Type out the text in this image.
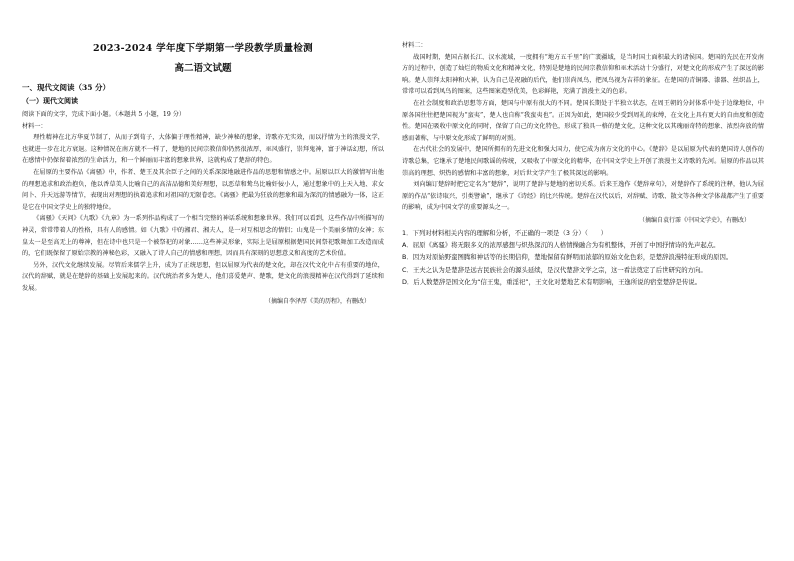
2023-2024 学年度下学期第一学段教学质量检测
高二语文试题
一、现代文阅读（35 分）
（一）现代文阅读
阅读下面的文字，完成下面小题。（本题共 5 小题，19 分）
材料一：

理性精神在北方华夏节制了，从而子到荀子，大体偏于理性精神，缺少神秘的想象，诗歌亦无实效，而以抒情为主的浪漫文学，也就进一步在北方衰退。这种情况在南方就不一样了，楚地的民间宗教信仰仍然很浓厚，巫风盛行，崇拜鬼神，富于神话幻想，所以在感情中仍保留着浓烈的生命活力，和一个鲜丽而丰富的想象世界，这就构成了楚辞的特色。

在屈原的主要作品《离骚》中，作者、楚王及其余臣子之间的关系深深地融进作品的思想和情感之中。屈原以巨大的激情写出他的理想追求和政治抱负，他以香草美人比喻自己的高洁品德和美好理想，以恶草和鸷鸟比喻奸佞小人，通过想象中的上天入地、求女问卜、升天远游等情节，表现出对理想的执着追求和对祖国的无限眷恋。《离骚》把最为狂放的想象和最为深沉的情感融为一体，这正是它在中国文学史上的独特地位。

《离骚》《天问》《九歌》《九章》为一系列作品构成了一个相当完整的神话系统和想象世界。我们可以看到，这些作品中所描写的神灵，常常带着人的性格，具有人的感情。如《九歌》中的湘君、湘夫人，是一对互相思念的情侣；山鬼是一个美丽多情的女神；东皇太一是至高无上的尊神，但在诗中也只是一个被祭祀的对象……这些神灵形象，实际上是屈原根据楚国民间祭祀歌舞加工改造而成的，它们既保留了原始宗教的神秘色彩，又融入了诗人自己的情感和理想，因而具有深刻的思想意义和高度的艺术价值。

另外，汉代文化继续发展。尽管后来儒学上升，成为了正统思想，但以屈原为代表的楚文化，却在汉代文化中占有重要的地位，汉代的辞赋，就是在楚辞的基础上发展起来的。汉代统治者多为楚人，他们喜爱楚声、楚歌，楚文化的浪漫精神在汉代得到了延续和发展。

（摘编自李泽厚《美的历程》，有删改）
材料二：

战国时期，楚国占据长江、汉水流域，一度拥有“地方五千里”的广袤疆域，是当时国土面积最大的诸侯国。楚国的先民在开发南方的过程中，创造了灿烂的物质文化和精神文化，特别是楚地的民间宗教信仰和巫术活动十分盛行，对楚文化的形成产生了深远的影响。楚人崇拜太阳神和火神，认为自己是祝融的后代，他们崇尚凤鸟，把凤鸟视为吉祥的象征。在楚国的青铜器、漆器、丝织品上，常常可以看到凤鸟的图案，这些图案造型优美，色彩鲜艳，充满了浪漫主义的色彩。

在社会制度和政治思想等方面，楚国与中原有很大的不同。楚国长期处于半独立状态，在周王朝的分封体系中处于边缘地位，中原各国往往把楚国视为“蛮夷”，楚人也自称“我蛮夷也”。正因为如此，楚国较少受到周礼的束缚，在文化上具有更大的自由度和创造性。楚国在吸收中原文化的同时，保留了自己的文化特色，形成了独具一格的楚文化，这种文化以其瑰丽奇特的想象、浓烈奔放的情感而著称，与中原文化形成了鲜明的对照。

在古代社会的发展中，楚国所拥有的先进文化和强大国力，使它成为南方文化的中心。《楚辞》是以屈原为代表的楚国诗人创作的诗歌总集，它继承了楚地民间歌谣的传统，又吸收了中原文化的精华，在中国文学史上开创了浪漫主义诗歌的先河。屈原的作品以其崇高的理想、炽热的感情和丰富的想象，对后世文学产生了极其深远的影响。

刘向编订楚辞时把它定名为“楚辞”，说明了楚辞与楚地的密切关系。后来王逸作《楚辞章句》，对楚辞作了系统的注释，他认为屈原的作品“依诗取兴，引类譬谕”，继承了《诗经》的比兴传统。楚辞在汉代以后，对辞赋、诗歌、散文等各种文学体裁都产生了重要的影响，成为中国文学的重要源头之一。

（摘编自袁行霈《中国文学史》，有删改）
1．下列对材料相关内容的理解和分析，不正确的一项是（3 分）（　　）
A．屈原《离骚》将无限多义的浓厚感想与炽热深沉的人格情操融合为有机整体，开创了中国抒情诗的先声起点。
B．因为对原始野蛮图腾和神话等的长期信仰，楚地保留有鲜明而浓郁的原始文化色彩，是楚辞浪漫特征形成的原因。
C．王夫之认为是楚辞是远古民族社会的源头延续，是汉代楚辞文学之宗，这一看法奠定了后世研究的方向。
D．后人数楚辞是国文化为“信王鬼，重淫祀”，王文化对楚地艺术有明影响，王逸所说的宿堂楚辞是传说。
